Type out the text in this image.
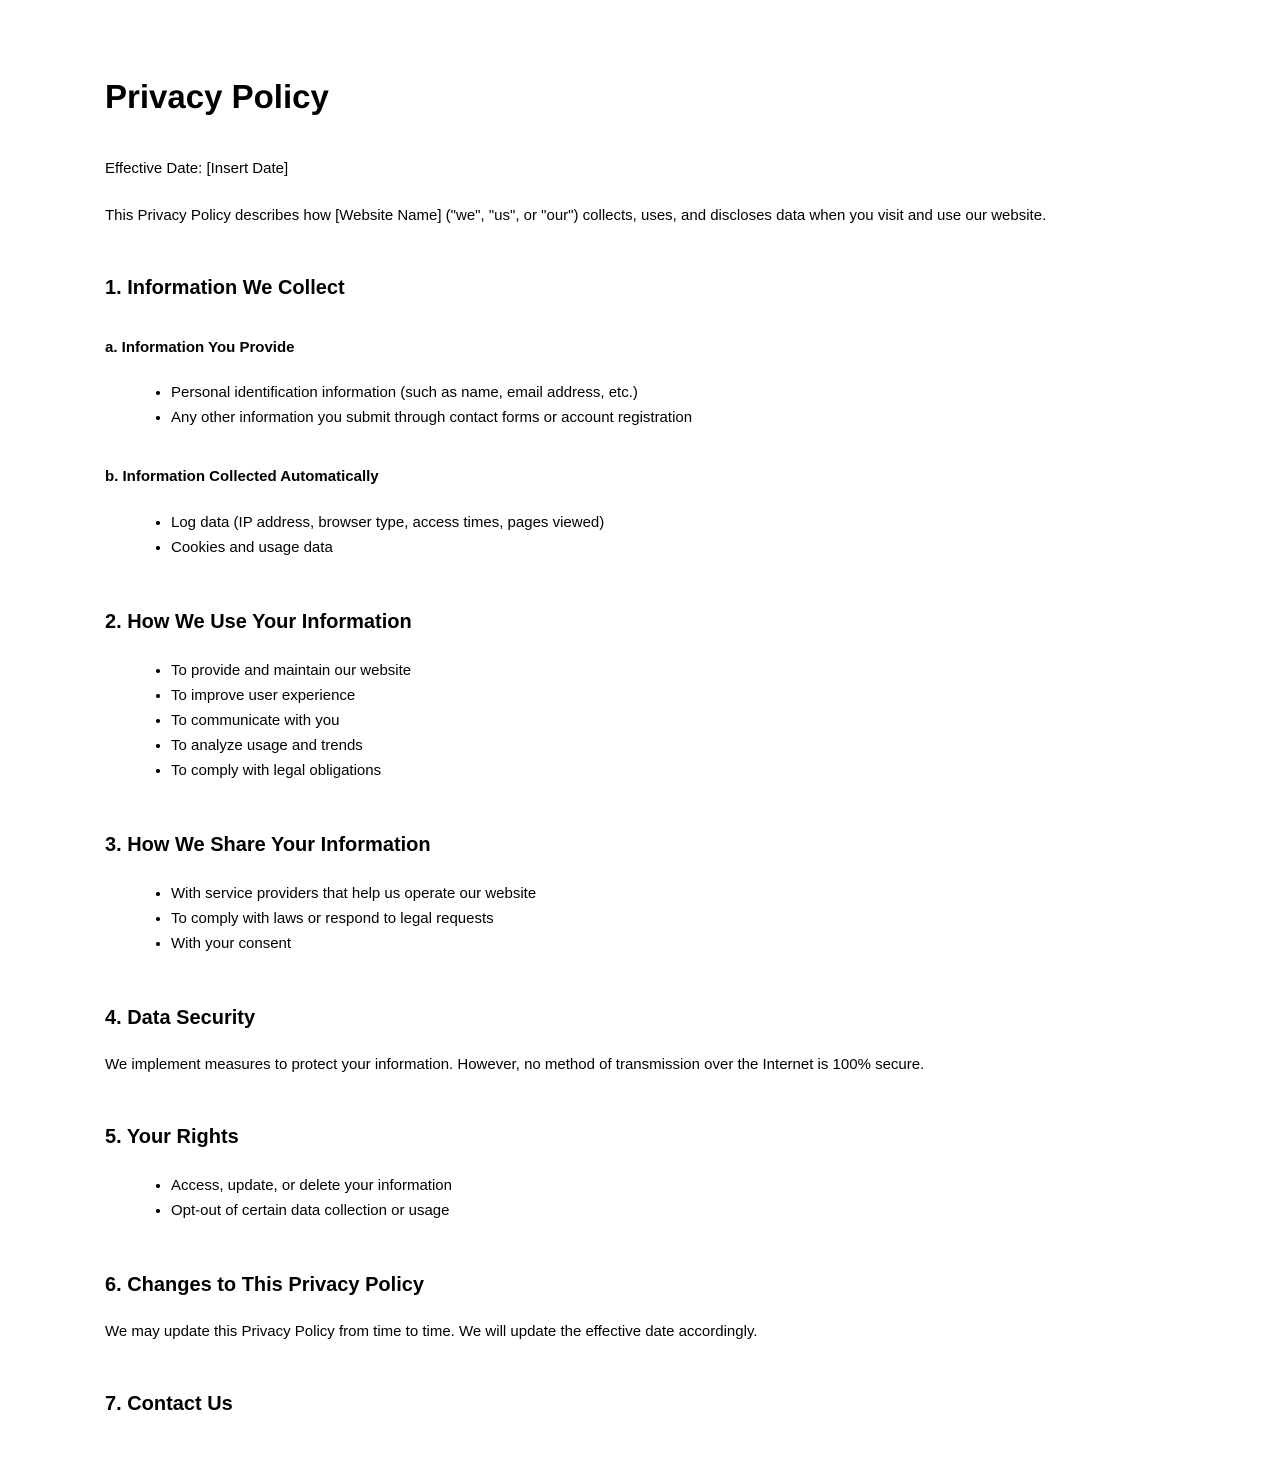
Privacy Policy

Effective Date: [Insert Date]

This Privacy Policy describes how [Website Name] ("we", "us", or "our") collects, uses, and discloses data when you visit and use our website.

1. Information We Collect
a. Information You Provide
• Personal identification information (such as name, email address, etc.)
• Any other information you submit through contact forms or account registration
b. Information Collected Automatically
• Log data (IP address, browser type, access times, pages viewed)
• Cookies and usage data
2. How We Use Your Information
• To provide and maintain our website
• To improve user experience
• To communicate with you
• To analyze usage and trends
• To comply with legal obligations
3. How We Share Your Information
• With service providers that help us operate our website
• To comply with laws or respond to legal requests
• With your consent
4. Data Security

We implement measures to protect your information. However, no method of transmission over the Internet is 100% secure.

5. Your Rights
• Access, update, or delete your information
• Opt-out of certain data collection or usage
6. Changes to This Privacy Policy

We may update this Privacy Policy from time to time. We will update the effective date accordingly.

7. Contact Us
